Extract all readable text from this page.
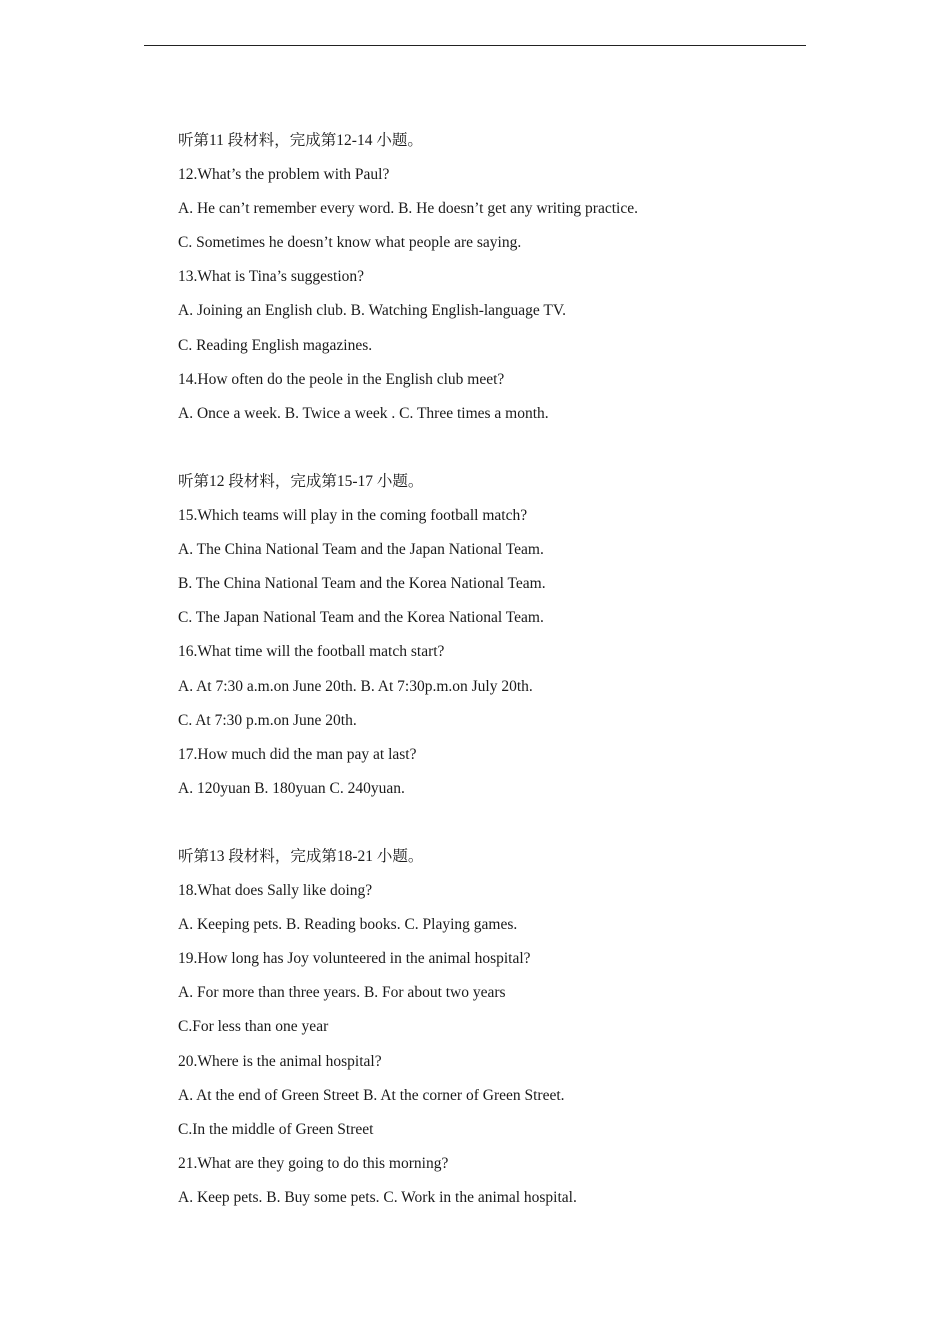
听第11 段材料，完成第12-14 小题。
12.What’s the problem with Paul?
A. He can’t remember every word. B. He doesn’t get any writing practice.
C. Sometimes he doesn’t know what people are saying.
13.What is Tina’s suggestion?
A. Joining an English club. B. Watching English-language TV.
C. Reading English magazines.
14.How often do the peole in the English club meet?
A. Once a week. B. Twice a week . C. Three times a month.
听第12 段材料，完成第15-17 小题。
15.Which teams will play in the coming football match?
A. The China National Team and the Japan National Team.
B. The China National Team and the Korea National Team.
C. The Japan National Team and the Korea National Team.
16.What time will the football match start?
A. At 7:30 a.m.on June 20th. B. At 7:30p.m.on July 20th.
C. At 7:30 p.m.on June 20th.
17.How much did the man pay at last?
A. 120yuan B. 180yuan C. 240yuan.
听第13 段材料，完成第18-21 小题。
18.What does Sally like doing?
A. Keeping pets. B. Reading books. C. Playing games.
19.How long has Joy volunteered in the animal hospital?
A. For more than three years. B. For about two years
C.For less than one year
20.Where is the animal hospital?
A. At the end of Green Street B. At the corner of Green Street.
C.In the middle of Green Street
21.What are they going to do this morning?
A. Keep pets. B. Buy some pets. C. Work in the animal hospital.
